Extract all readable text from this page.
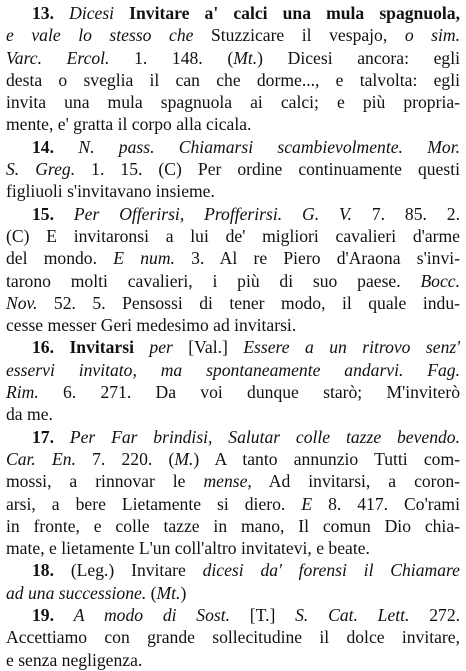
13. Dicesi Invitare a' calci una mula spagnuola,
e vale lo stesso che Stuzzicare il vespajo, o sim.
Varc. Ercol. 1. 148. (Mt.) Dicesi ancora: egli
desta o sveglia il can che dorme..., e talvolta: egli
invita una mula spagnuola ai calci; e più propria-
mente, e' gratta il corpo alla cicala.
14. N. pass. Chiamarsi scambievolmente. Mor.
S. Greg. 1. 15. (C) Per ordine continuamente questi
figliuoli s'invitavano insieme.
15. Per Offerirsi, Profferirsi. G. V. 7. 85. 2.
(C) E invitaronsi a lui de' migliori cavalieri d'arme
del mondo. E num. 3. Al re Piero d'Araona s'invi-
tarono molti cavalieri, i più di suo paese. Bocc.
Nov. 52. 5. Pensossi di tener modo, il quale indu-
cesse messer Geri medesimo ad invitarsi.
16. Invitarsi per [Val.] Essere a un ritrovo senz'
esservi invitato, ma spontaneamente andarvi. Fag.
Rim. 6. 271. Da voi dunque starò; M'inviterò
da me.
17. Per Far brindisi, Salutar colle tazze bevendo.
Car. En. 7. 220. (M.) A tanto annunzio Tutti com-
mossi, a rinnovar le mense, Ad invitarsi, a coron-
arsi, a bere Lietamente si diero. E 8. 417. Co'rami
in fronte, e colle tazze in mano, Il comun Dio chia-
mate, e lietamente L'un coll'altro invitatevi, e beate.
18. (Leg.) Invitare dicesi da' forensi il Chiamare
ad una successione. (Mt.)
19. A modo di Sost. [T.] S. Cat. Lett. 272.
Accettiamo con grande sollecitudine il dolce invitare,
e senza negligenza.
